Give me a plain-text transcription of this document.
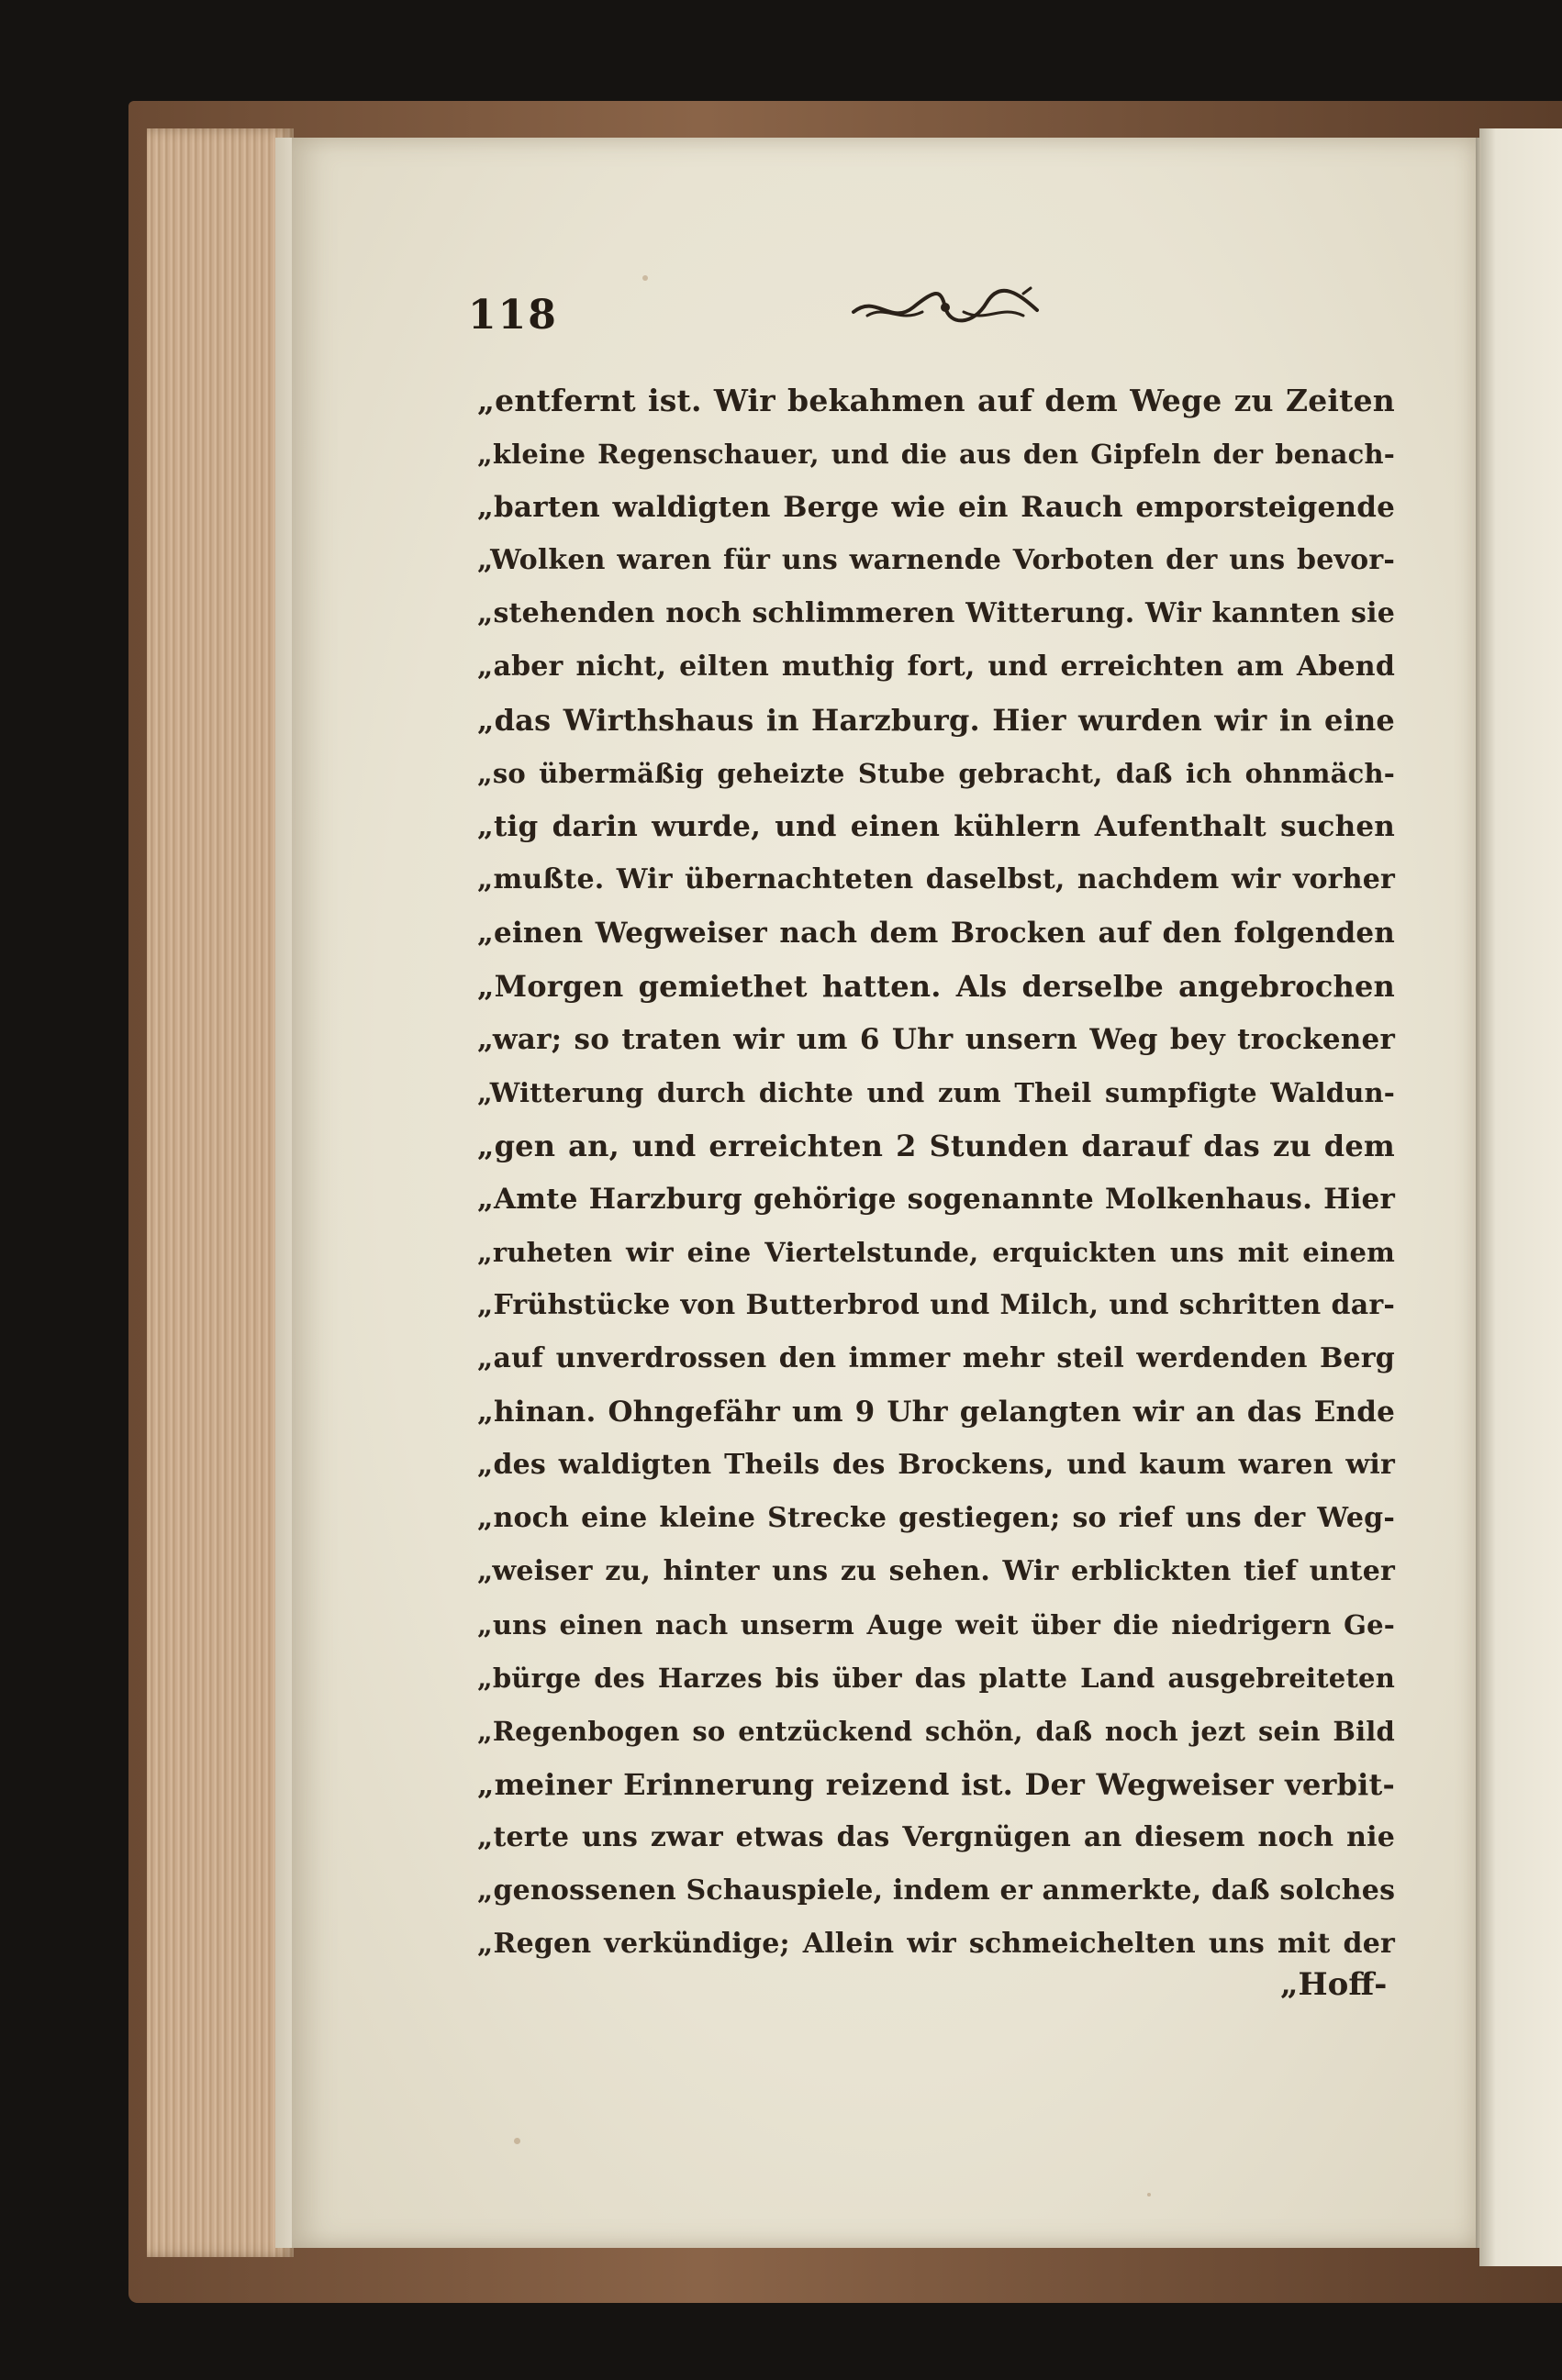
118
„entfernt ist. Wir bekahmen auf dem Wege zu Zeiten
„kleine Regenschauer, und die aus den Gipfeln der benach-
„barten waldigten Berge wie ein Rauch emporsteigende
„Wolken waren für uns warnende Vorboten der uns bevor-
„stehenden noch schlimmeren Witterung. Wir kannten sie
„aber nicht, eilten muthig fort, und erreichten am Abend
„das Wirthshaus in Harzburg. Hier wurden wir in eine
„so übermäßig geheizte Stube gebracht, daß ich ohnmäch-
„tig darin wurde, und einen kühlern Aufenthalt suchen
„mußte. Wir übernachteten daselbst, nachdem wir vorher
„einen Wegweiser nach dem Brocken auf den folgenden
„Morgen gemiethet hatten. Als derselbe angebrochen
„war; so traten wir um 6 Uhr unsern Weg bey trockener
„Witterung durch dichte und zum Theil sumpfigte Waldun-
„gen an, und erreichten 2 Stunden darauf das zu dem
„Amte Harzburg gehörige sogenannte Molkenhaus. Hier
„ruheten wir eine Viertelstunde, erquickten uns mit einem
„Frühstücke von Butterbrod und Milch, und schritten dar-
„auf unverdrossen den immer mehr steil werdenden Berg
„hinan. Ohngefähr um 9 Uhr gelangten wir an das Ende
„des waldigten Theils des Brockens, und kaum waren wir
„noch eine kleine Strecke gestiegen; so rief uns der Weg-
„weiser zu, hinter uns zu sehen. Wir erblickten tief unter
„uns einen nach unserm Auge weit über die niedrigern Ge-
„bürge des Harzes bis über das platte Land ausgebreiteten
„Regenbogen so entzückend schön, daß noch jezt sein Bild
„meiner Erinnerung reizend ist. Der Wegweiser verbit-
„terte uns zwar etwas das Vergnügen an diesem noch nie
„genossenen Schauspiele, indem er anmerkte, daß solches
„Regen verkündige; Allein wir schmeichelten uns mit der
„Hoff-
